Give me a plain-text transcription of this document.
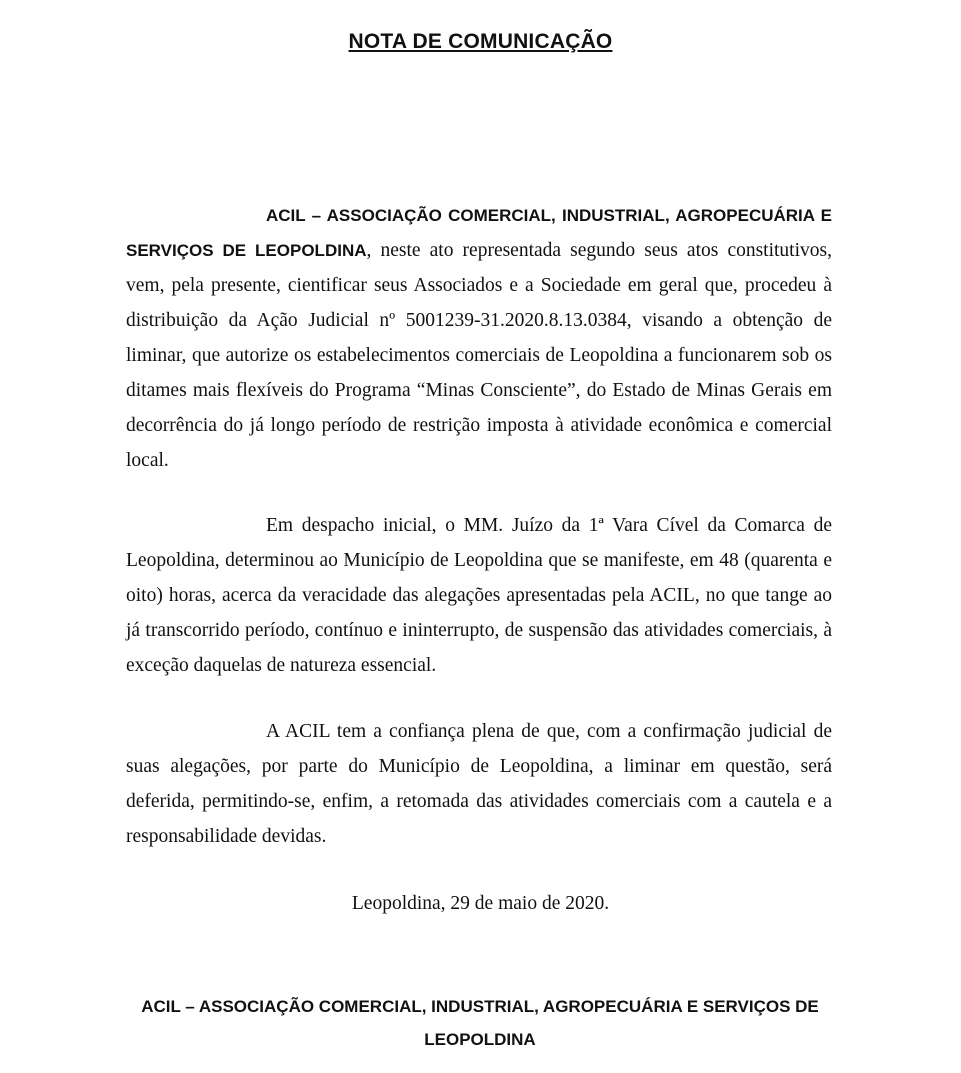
NOTA DE COMUNICAÇÃO

ACIL – ASSOCIAÇÃO COMERCIAL, INDUSTRIAL, AGROPECUÁRIA E SERVIÇOS DE LEOPOLDINA, neste ato representada segundo seus atos constitutivos, vem, pela presente, cientificar seus Associados e a Sociedade em geral que, procedeu à distribuição da Ação Judicial nº 5001239-31.2020.8.13.0384, visando a obtenção de liminar, que autorize os estabelecimentos comerciais de Leopoldina a funcionarem sob os ditames mais flexíveis do Programa “Minas Consciente”, do Estado de Minas Gerais em decorrência do já longo período de restrição imposta à atividade econômica e comercial local.

Em despacho inicial, o MM. Juízo da 1ª Vara Cível da Comarca de Leopoldina, determinou ao Município de Leopoldina que se manifeste, em 48 (quarenta e oito) horas, acerca da veracidade das alegações apresentadas pela ACIL, no que tange ao já transcorrido período, contínuo e ininterrupto, de suspensão das atividades comerciais, à exceção daquelas de natureza essencial.

A ACIL tem a confiança plena de que, com a confirmação judicial de suas alegações, por parte do Município de Leopoldina, a liminar em questão, será deferida, permitindo-se, enfim, a retomada das atividades comerciais com a cautela e a responsabilidade devidas.

Leopoldina, 29 de maio de 2020.
ACIL – ASSOCIAÇÃO COMERCIAL, INDUSTRIAL, AGROPECUÁRIA E SERVIÇOS DE LEOPOLDINA
